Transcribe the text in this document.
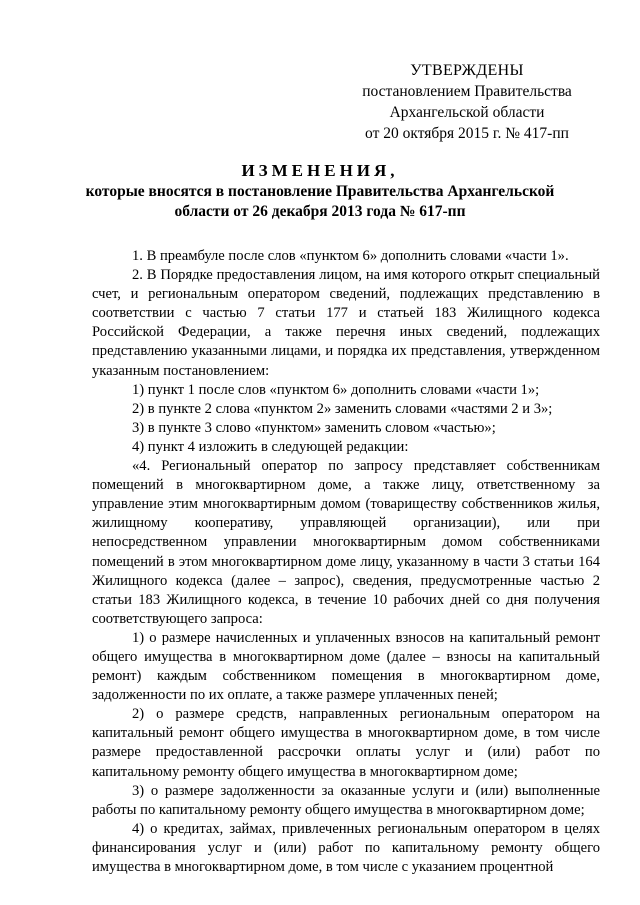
УТВЕРЖДЕНЫ
постановлением Правительства
Архангельской области
от 20 октября 2015 г. № 417-пп
ИЗМЕНЕНИЯ,
которые вносятся в постановление Правительства Архангельской
области от 26 декабря 2013 года № 617-пп

1. В преамбуле после слов «пунктом 6» дополнить словами «части 1».

2. В Порядке предоставления лицом, на имя которого открыт специальный счет, и региональным оператором сведений, подлежащих представлению в соответствии с частью 7 статьи 177 и статьей 183 Жилищного кодекса Российской Федерации, а также перечня иных сведений, подлежащих представлению указанными лицами, и порядка их представления, утвержденном указанным постановлением:

1) пункт 1 после слов «пунктом 6» дополнить словами «части 1»;

2) в пункте 2 слова «пунктом 2» заменить словами «частями 2 и 3»;

3) в пункте 3 слово «пунктом» заменить словом «частью»;

4) пункт 4 изложить в следующей редакции:

«4. Региональный оператор по запросу представляет собственникам помещений в многоквартирном доме, а также лицу, ответственному за управление этим многоквартирным домом (товариществу собственников жилья, жилищному кооперативу, управляющей организации), или при непосредственном управлении многоквартирным домом собственниками помещений в этом многоквартирном доме лицу, указанному в части 3 статьи 164 Жилищного кодекса (далее – запрос), сведения, предусмотренные частью 2 статьи 183 Жилищного кодекса, в течение 10 рабочих дней со дня получения соответствующего запроса:

1) о размере начисленных и уплаченных взносов на капитальный ремонт общего имущества в многоквартирном доме (далее – взносы на капитальный ремонт) каждым собственником помещения в многоквартирном доме, задолженности по их оплате, а также размере уплаченных пеней;

2) о размере средств, направленных региональным оператором на капитальный ремонт общего имущества в многоквартирном доме, в том числе размере предоставленной рассрочки оплаты услуг и (или) работ по капитальному ремонту общего имущества в многоквартирном доме;

3) о размере задолженности за оказанные услуги и (или) выполненные работы по капитальному ремонту общего имущества в многоквартирном доме;

4) о кредитах, займах, привлеченных региональным оператором в целях финансирования услуг и (или) работ по капитальному ремонту общего имущества в многоквартирном доме, в том числе с указанием процентной
